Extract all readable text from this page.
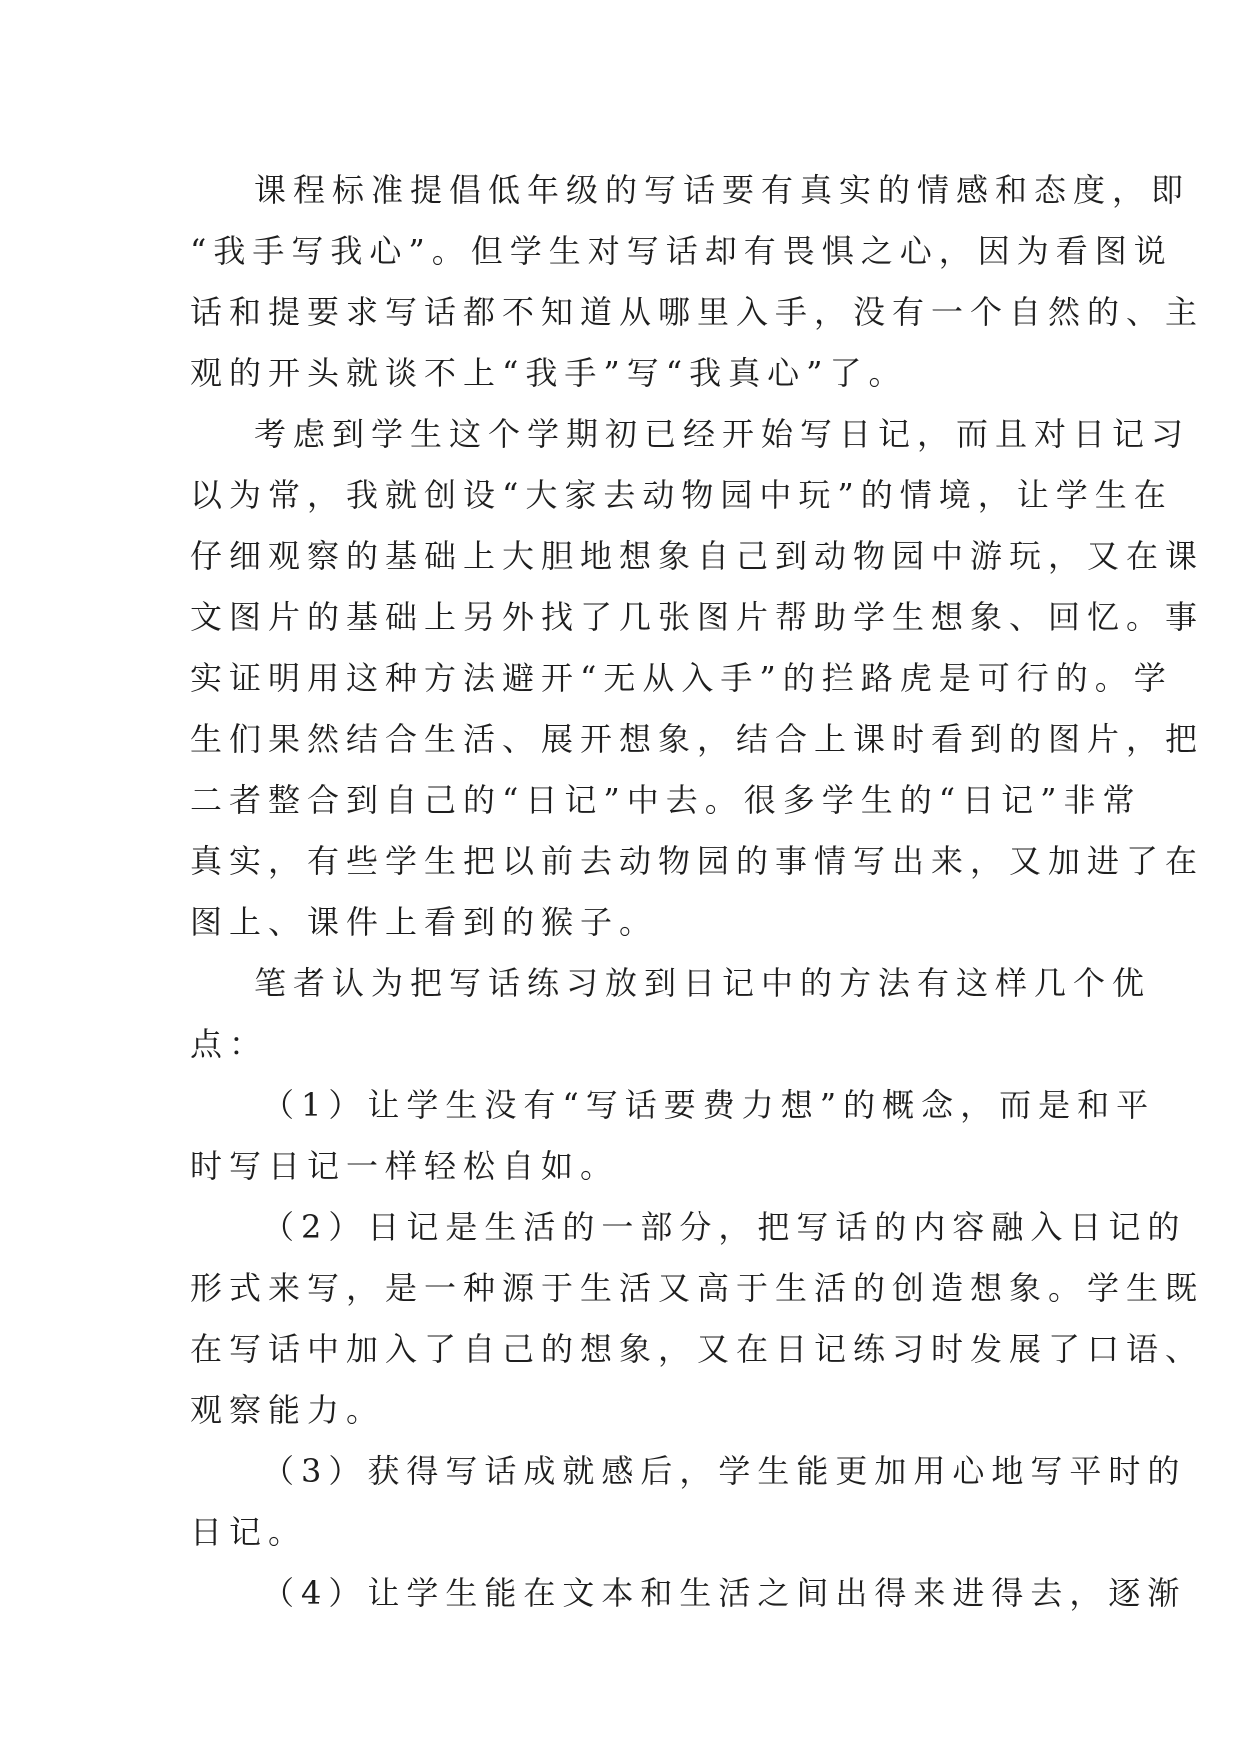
课程标准提倡低年级的写话要有真实的情感和态度，即
“我手写我心”。但学生对写话却有畏惧之心，因为看图说
话和提要求写话都不知道从哪里入手，没有一个自然的、主
观的开头就谈不上“我手”写“我真心”了。
考虑到学生这个学期初已经开始写日记，而且对日记习
以为常，我就创设“大家去动物园中玩”的情境，让学生在
仔细观察的基础上大胆地想象自己到动物园中游玩，又在课
文图片的基础上另外找了几张图片帮助学生想象、回忆。事
实证明用这种方法避开“无从入手”的拦路虎是可行的。学
生们果然结合生活、展开想象，结合上课时看到的图片，把
二者整合到自己的“日记”中去。很多学生的“日记”非常
真实，有些学生把以前去动物园的事情写出来，又加进了在
图上、课件上看到的猴子。
笔者认为把写话练习放到日记中的方法有这样几个优
点：
（1）让学生没有“写话要费力想”的概念，而是和平
时写日记一样轻松自如。
（2）日记是生活的一部分，把写话的内容融入日记的
形式来写，是一种源于生活又高于生活的创造想象。学生既
在写话中加入了自己的想象，又在日记练习时发展了口语、
观察能力。
（3）获得写话成就感后，学生能更加用心地写平时的
日记。
（4）让学生能在文本和生活之间出得来进得去，逐渐
